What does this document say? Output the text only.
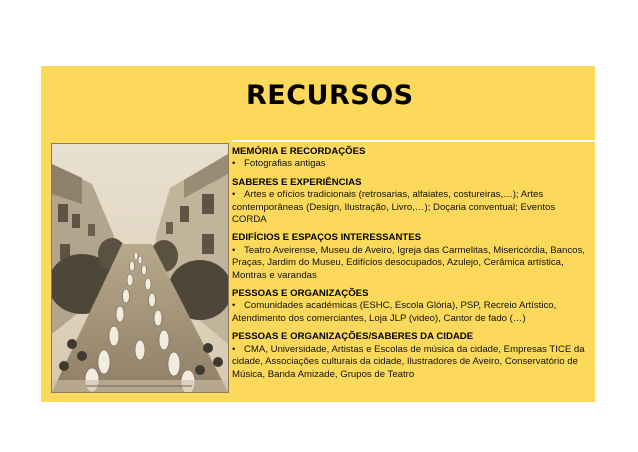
RECURSOS
MEMÓRIA E RECORDAÇÕES

• Fotografias antigas

SABERES E EXPERIÊNCIAS

• Artes e ofícios tradicionais (retrosarias, alfaiates, costureiras,…); Artes contemporâneas (Design, Ilustração, Livro,…); Doçaria conventual; Eventos CORDA

EDIFÍCIOS E ESPAÇOS INTERESSANTES

• Teatro Aveirense, Museu de Aveiro, Igreja das Carmelitas, Misericórdia, Bancos, Praças, Jardim do Museu, Edifícios desocupados, Azulejo, Cerâmica artística, Montras e varandas

PESSOAS E ORGANIZAÇÕES

• Comunidades académicas (ESHC, Escola Glória), PSP, Recreio Artístico, Atendimento dos comerciantes, Loja JLP (video), Cantor de fado (…)

PESSOAS E ORGANIZAÇÕES/SABERES DA CIDADE

• CMA, Universidade, Artistas e Escolas de música da cidade, Empresas TICE da cidade, Associações culturais da cidade, Ilustradores de Aveiro, Conservatório de Música, Banda Amizade, Grupos de Teatro
